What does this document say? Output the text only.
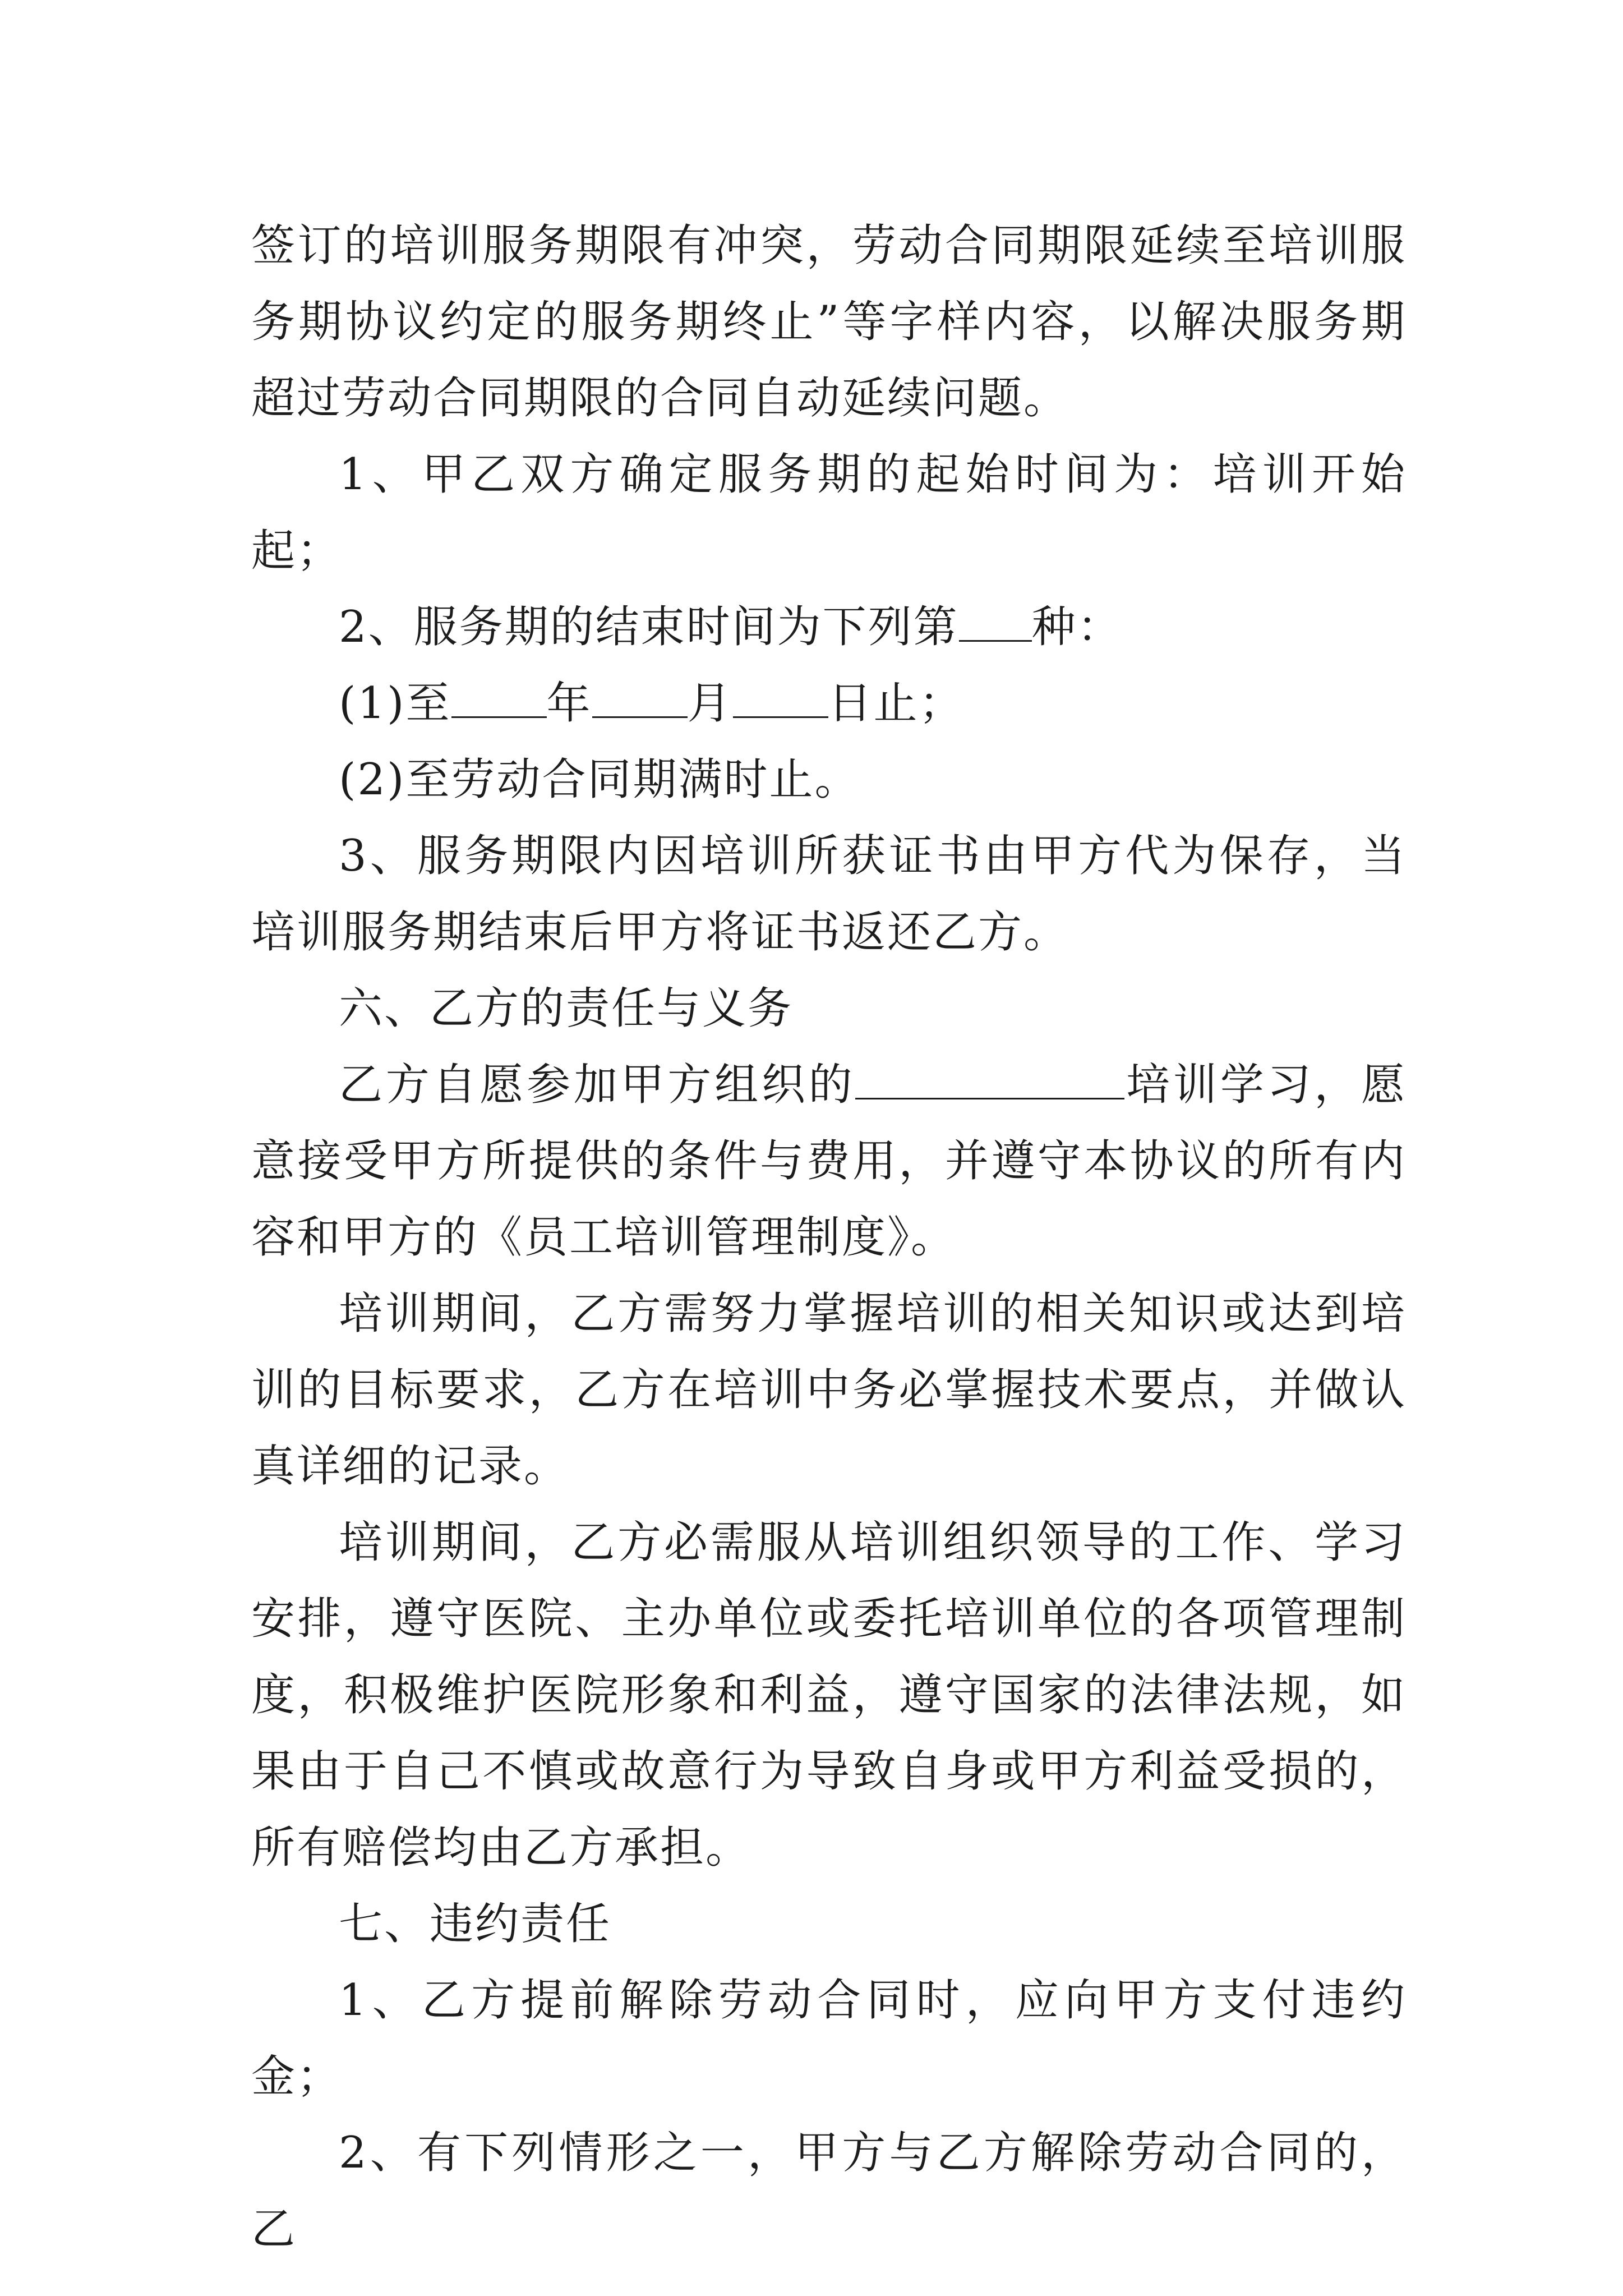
签订的培训服务期限有冲突，劳动合同期限延续至培训服务期协议约定的服务期终止”等字样内容，以解决服务期超过劳动合同期限的合同自动延续问题。

1、甲乙双方确定服务期的起始时间为：培训开始起；

2、服务期的结束时间为下列第 种：

(1)至 年 月 日止；

(2)至劳动合同期满时止。

3、服务期限内因培训所获证书由甲方代为保存，当培训服务期结束后甲方将证书返还乙方。

六、乙方的责任与义务

乙方自愿参加甲方组织的	培训学习，愿意接受甲方所提供的条件与费用，并遵守本协议的所有内容和甲方的《员工培训管理制度》。

培训期间，乙方需努力掌握培训的相关知识或达到培训的目标要求，乙方在培训中务必掌握技术要点，并做认真详细的记录。

培训期间，乙方必需服从培训组织领导的工作、学习安排，遵守医院、主办单位或委托培训单位的各项管理制度，积极维护医院形象和利益，遵守国家的法律法规，如果由于自己不慎或故意行为导致自身或甲方利益受损的，所有赔偿均由乙方承担。

七、违约责任

1、乙方提前解除劳动合同时，应向甲方支付违约金；

2、有下列情形之一，甲方与乙方解除劳动合同的，乙
